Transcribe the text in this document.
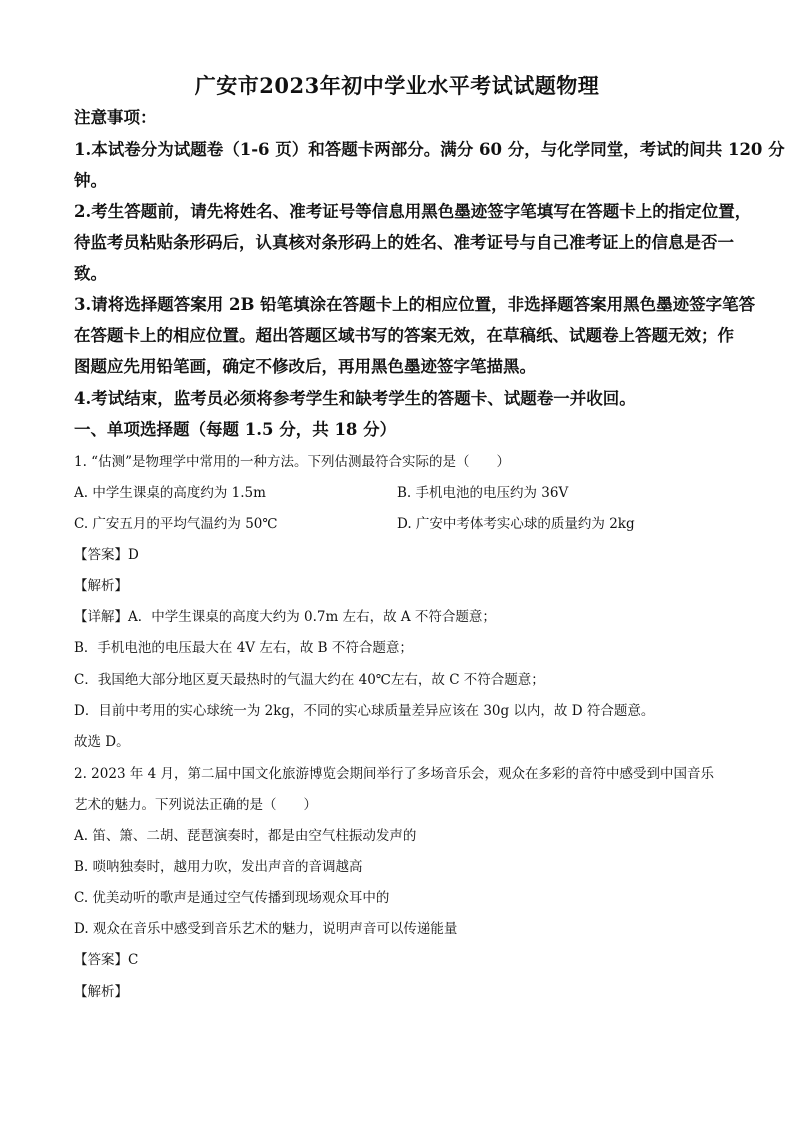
广安市2023年初中学业水平考试试题物理
注意事项：
1.本试卷分为试题卷（1-6 页）和答题卡两部分。满分 60 分，与化学同堂，考试的间共 120 分
钟。
2.考生答题前，请先将姓名、准考证号等信息用黑色墨迹签字笔填写在答题卡上的指定位置，
待监考员粘贴条形码后，认真核对条形码上的姓名、准考证号与自己准考证上的信息是否一
致。
3.请将选择题答案用 2B 铅笔填涂在答题卡上的相应位置，非选择题答案用黑色墨迹签字笔答
在答题卡上的相应位置。超出答题区域书写的答案无效，在草稿纸、试题卷上答题无效；作
图题应先用铅笔画，确定不修改后，再用黑色墨迹签字笔描黑。
4.考试结束，监考员必须将参考学生和缺考学生的答题卡、试题卷一并收回。
一、单项选择题（每题 1.5 分，共 18 分）
1. “估测”是物理学中常用的一种方法。下列估测最符合实际的是（　　）
A. 中学生课桌的高度约为 1.5m	B. 手机电池的电压约为 36V
C. 广安五月的平均气温约为 50℃	D. 广安中考体考实心球的质量约为 2kg
【答案】D
【解析】
【详解】A．中学生课桌的高度大约为 0.7m 左右，故 A 不符合题意；
B．手机电池的电压最大在 4V 左右，故 B 不符合题意；
C．我国绝大部分地区夏天最热时的气温大约在 40℃左右，故 C 不符合题意；
D．目前中考用的实心球统一为 2kg，不同的实心球质量差异应该在 30g 以内，故 D 符合题意。
故选 D。
2. 2023 年 4 月，第二届中国文化旅游博览会期间举行了多场音乐会，观众在多彩的音符中感受到中国音乐
艺术的魅力。下列说法正确的是（　　）
A. 笛、箫、二胡、琵琶演奏时，都是由空气柱振动发声的
B. 唢呐独奏时，越用力吹，发出声音的音调越高
C. 优美动听的歌声是通过空气传播到现场观众耳中的
D. 观众在音乐中感受到音乐艺术的魅力，说明声音可以传递能量
【答案】C
【解析】
